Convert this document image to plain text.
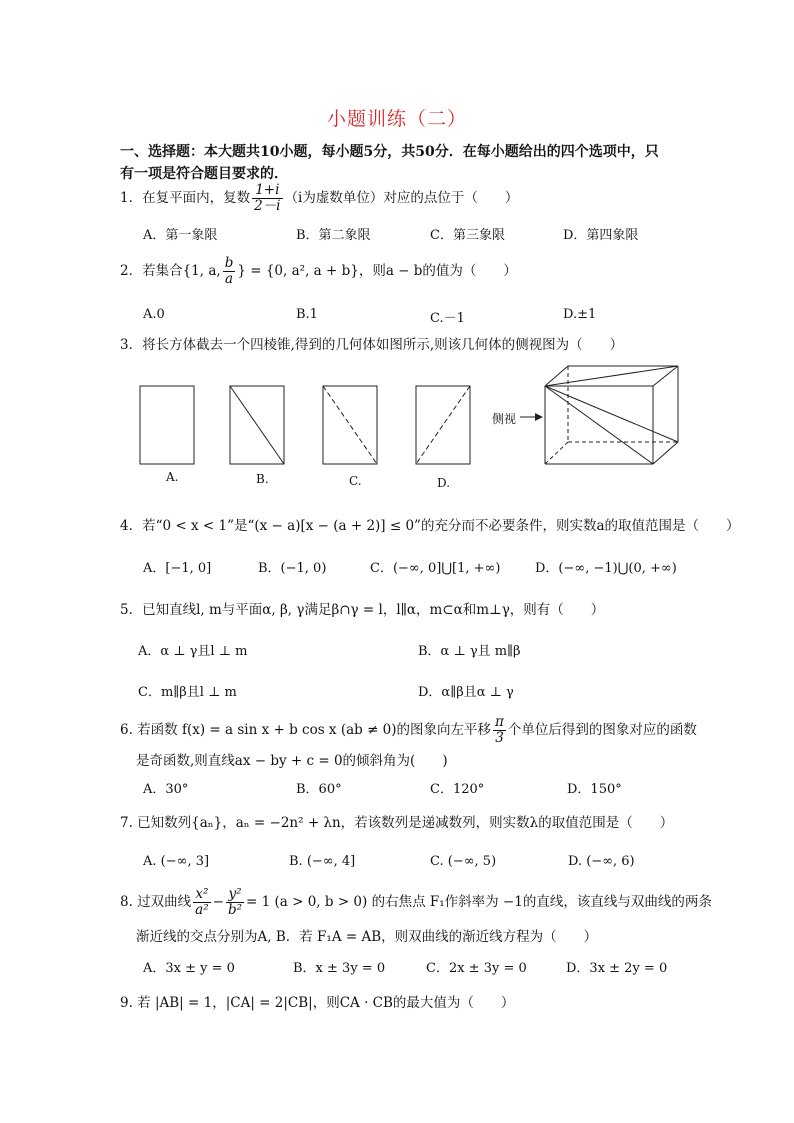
小题训练（二）
一、选择题：本大题共10小题，每小题5分，共50分．在每小题给出的四个选项中，只
有一项是符合题目要求的．
1．在复平面内，复数 $\frac{1+i}{2-i} (i$为虚数单位）对应的点位于（　　）
A．第一象限	B．第二象限	C．第三象限	D．第四象限
2．若集合{1, a, $\frac{b}{a}$ } = {0, a², a + b}，则a − b的值为（　　）
A.0	B.1	C.－1	D.±1
3．将长方体截去一个四棱锥,得到的几何体如图所示,则该几何体的侧视图为（　　）
A.	B.	C.	D.
侧视
4．若“0 < x < 1”是“(x − a)[x − (a + 2)] ≤ 0”的充分而不必要条件，则实数a的取值范围是（　　）
A．[−1, 0]	B．(−1, 0)	C．(−∞, 0]⋃[1, +∞)	D．(−∞, −1)⋃(0, +∞)
5．已知直线l, m与平面α, β, γ满足β∩γ = l，l∥α，m⊂α和m⊥γ，则有（　　）
A．α ⊥ γ且l ⊥ m	B．α ⊥ γ且 m∥β
C．m∥β且l ⊥ m	D．α∥β且α ⊥ γ
6. 若函数 f(x) = a sin x + b cos x (ab ≠ 0)的图象向左平移 $\frac{\pi}{3}$ 个单位后得到的图象对应的函数
是奇函数,则直线ax − by + c = 0的倾斜角为(　　)
A．30°	B．60°	C．120°	D．150°
7. 已知数列{aₙ}，aₙ = −2n² + λn，若该数列是递减数列，则实数λ的取值范围是（　　）
A. (−∞, 3]	B. (−∞, 4]	C. (−∞, 5)	D. (−∞, 6)
8. 过双曲线 $\frac{\text{x²}}{\text{a²}} - \frac{\text{y²}}{\text{b²}} = 1$ (a > 0, b > 0) 的右焦点 F₁作斜率为 −1的直线，该直线与双曲线的两条
渐近线的交点分别为A, B．若 F₁A = AB，则双曲线的渐近线方程为（　　）
A．3x ± y = 0	B．x ± 3y = 0	C．2x ± 3y = 0	D．3x ± 2y = 0
9. 若 |AB| = 1，|CA| = 2|CB|，则CA · CB的最大值为（　　）
